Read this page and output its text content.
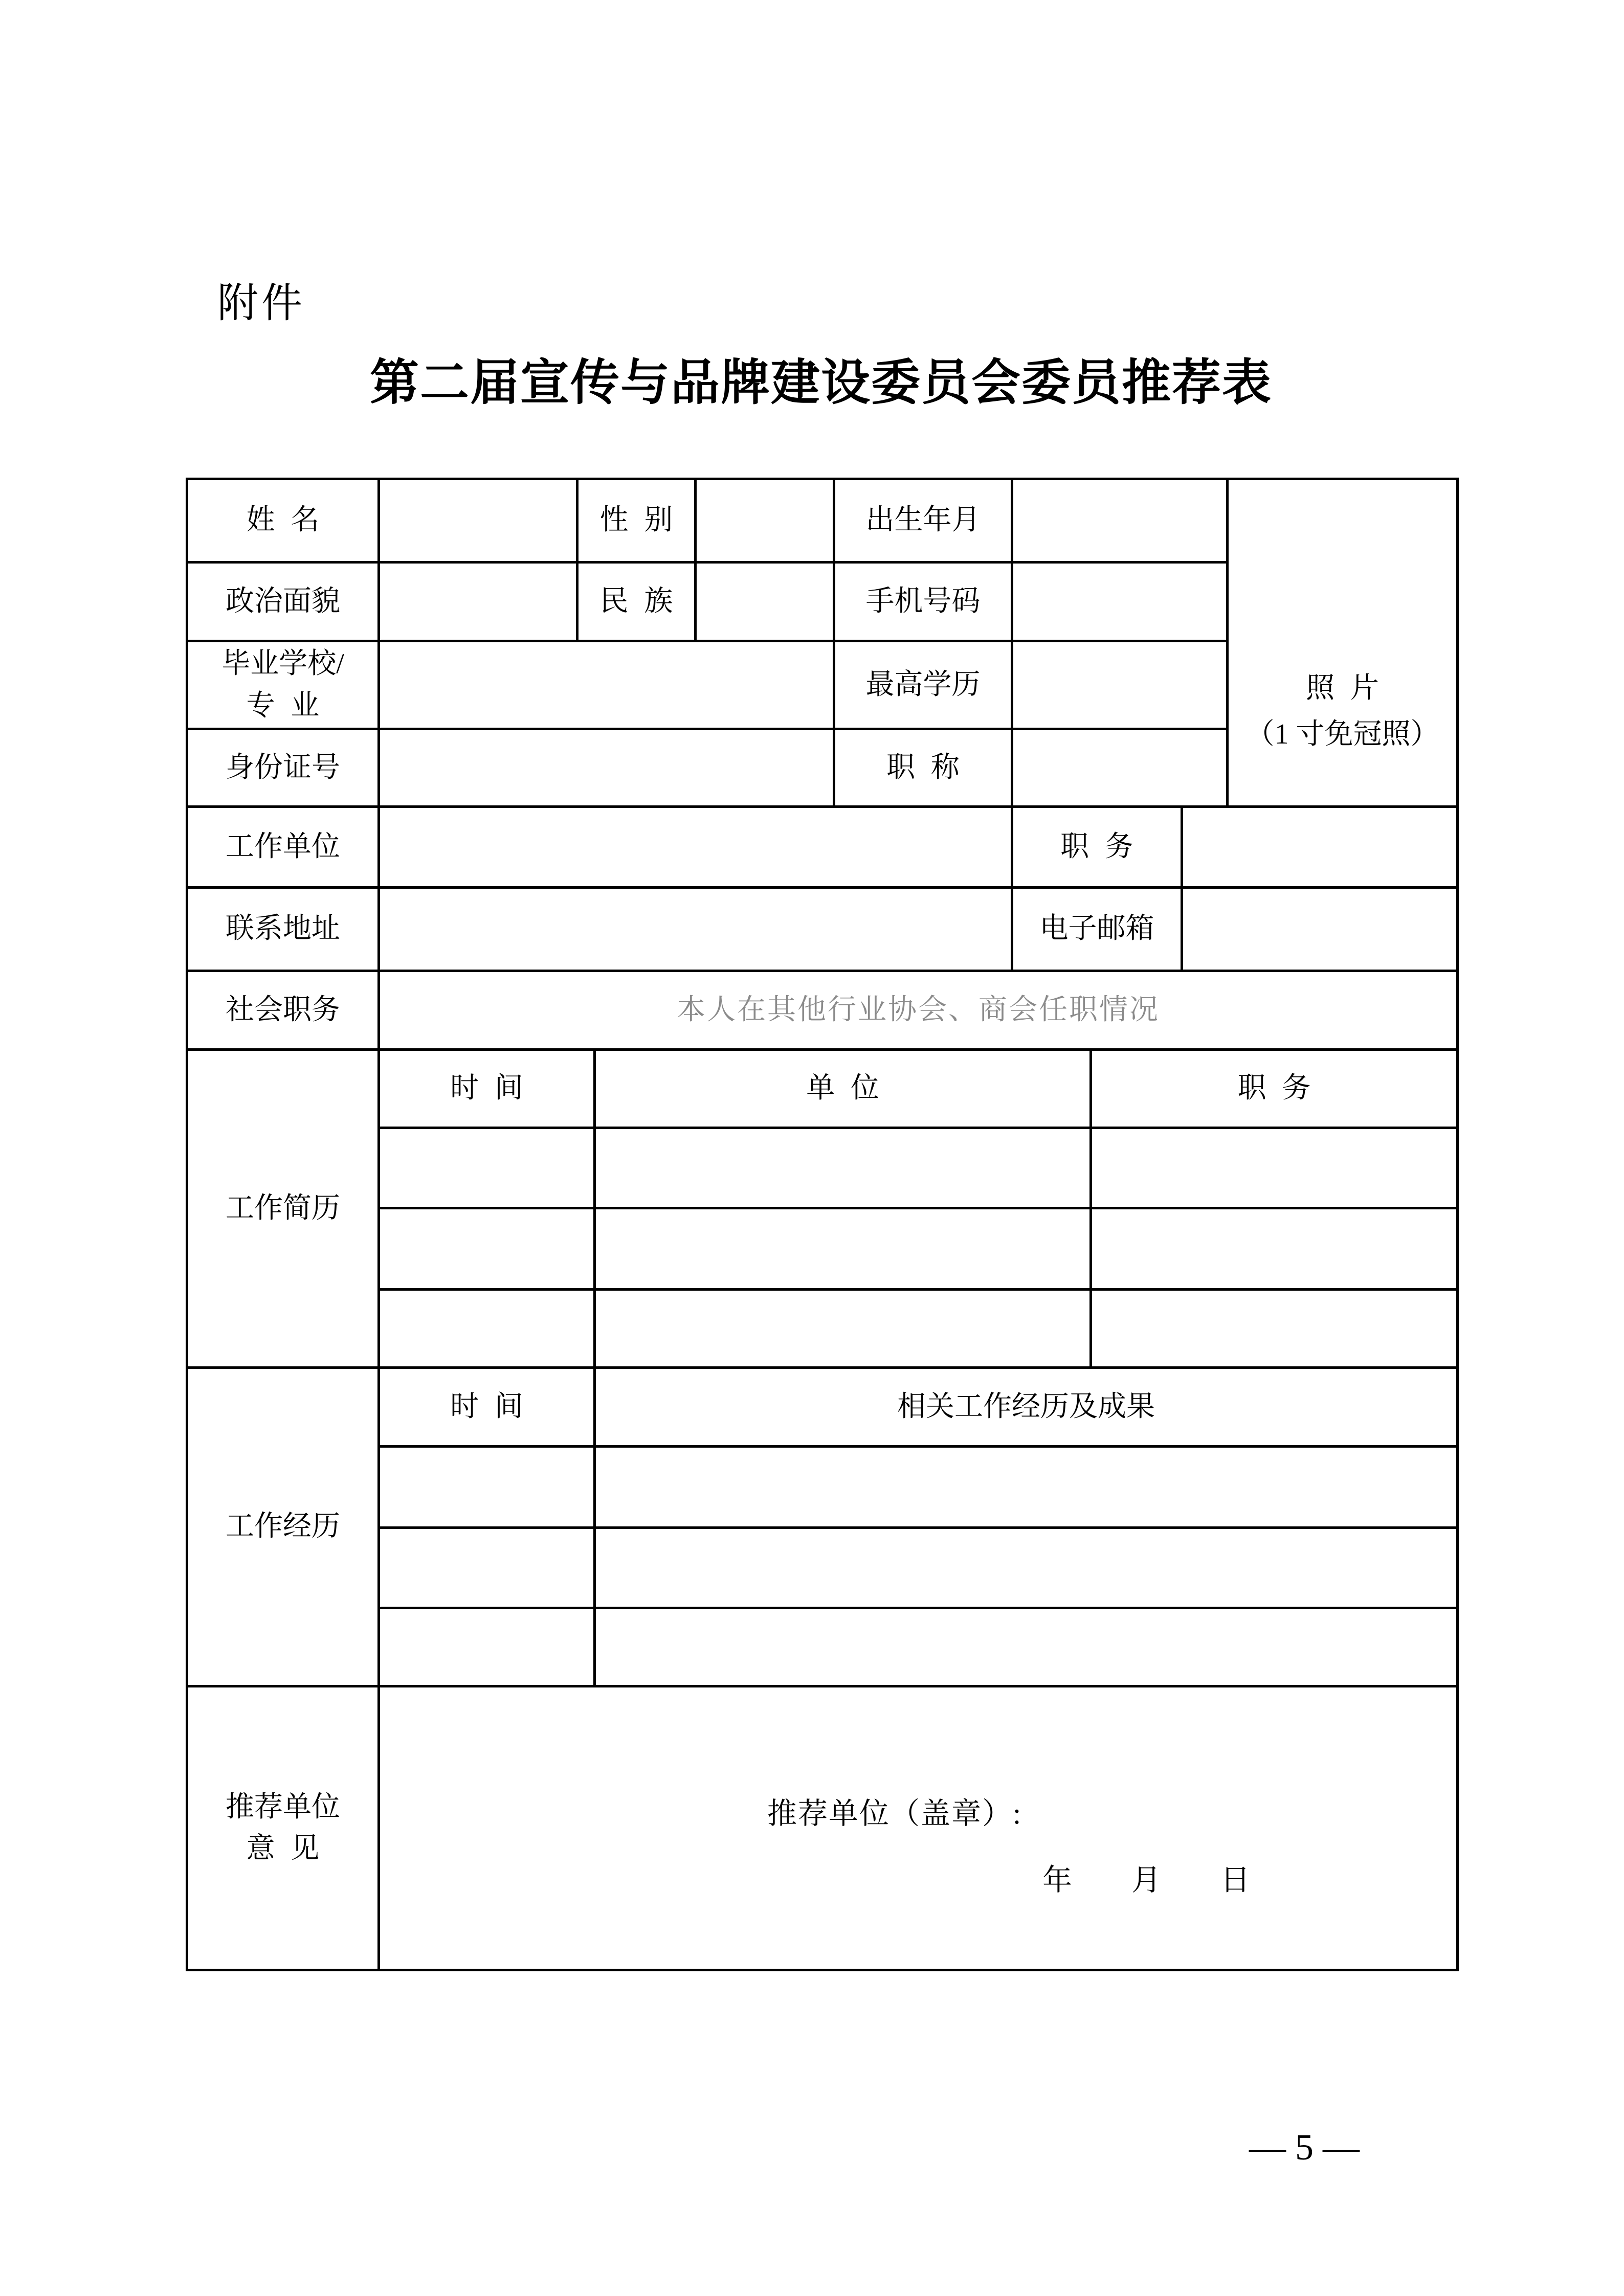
附件
第二届宣传与品牌建设委员会委员推荐表
姓名		性别			出生年月				照片
（1 寸免冠照）

政治面貌		民族			手机号码				

毕业学校/
专业					最高学历				
身份证号					职称				
工作单位						职务			
联系地址						电子邮箱			
社会职务	本人在其他行业协会、商会任职情况								
工作简历	时间		单位				职务		

工作经历	时间		相关工作经历及成果						

推荐单位
意见

推荐单位（盖章）:
年　　月　　日
— 5 —
